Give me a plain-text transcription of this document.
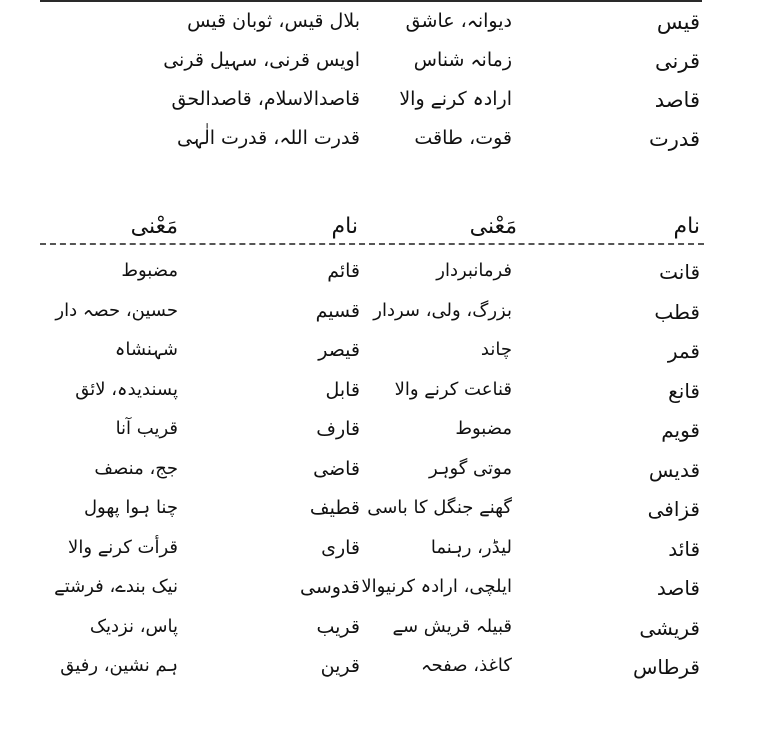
قیس
دیوانہ، عاشق
بلال قیس، ثوبان قیس
قرنی
زمانہ شناس
اویس قرنی، سہیل قرنی
قاصد
ارادہ کرنے والا
قاصدالاسلام، قاصدالحق
قدرت
قوت، طاقت
قدرت اللہ، قدرت الٰہی
نام
مَعْنی
نام
مَعْنی
قانت
فرمانبردار
قائم
مضبوط
قطب
بزرگ، ولی، سردار
قسیم
حسین، حصہ دار
قمر
چاند
قیصر
شہنشاہ
قانع
قناعت کرنے والا
قابل
پسندیدہ، لائق
قویم
مضبوط
قارف
قریب آنا
قدیس
موتی گوہر
قاضی
جج، منصف
قزافی
گھنے جنگل کا باسی
قطیف
چنا ہوا پھول
قائد
لیڈر، رہنما
قاری
قرأت کرنے والا
قاصد
ایلچی، ارادہ کرنیوالا
قدوسی
نیک بندے، فرشتے
قریشی
قبیلہ قریش سے
قریب
پاس، نزدیک
قرطاس
کاغذ، صفحہ
قرین
ہم نشین، رفیق
